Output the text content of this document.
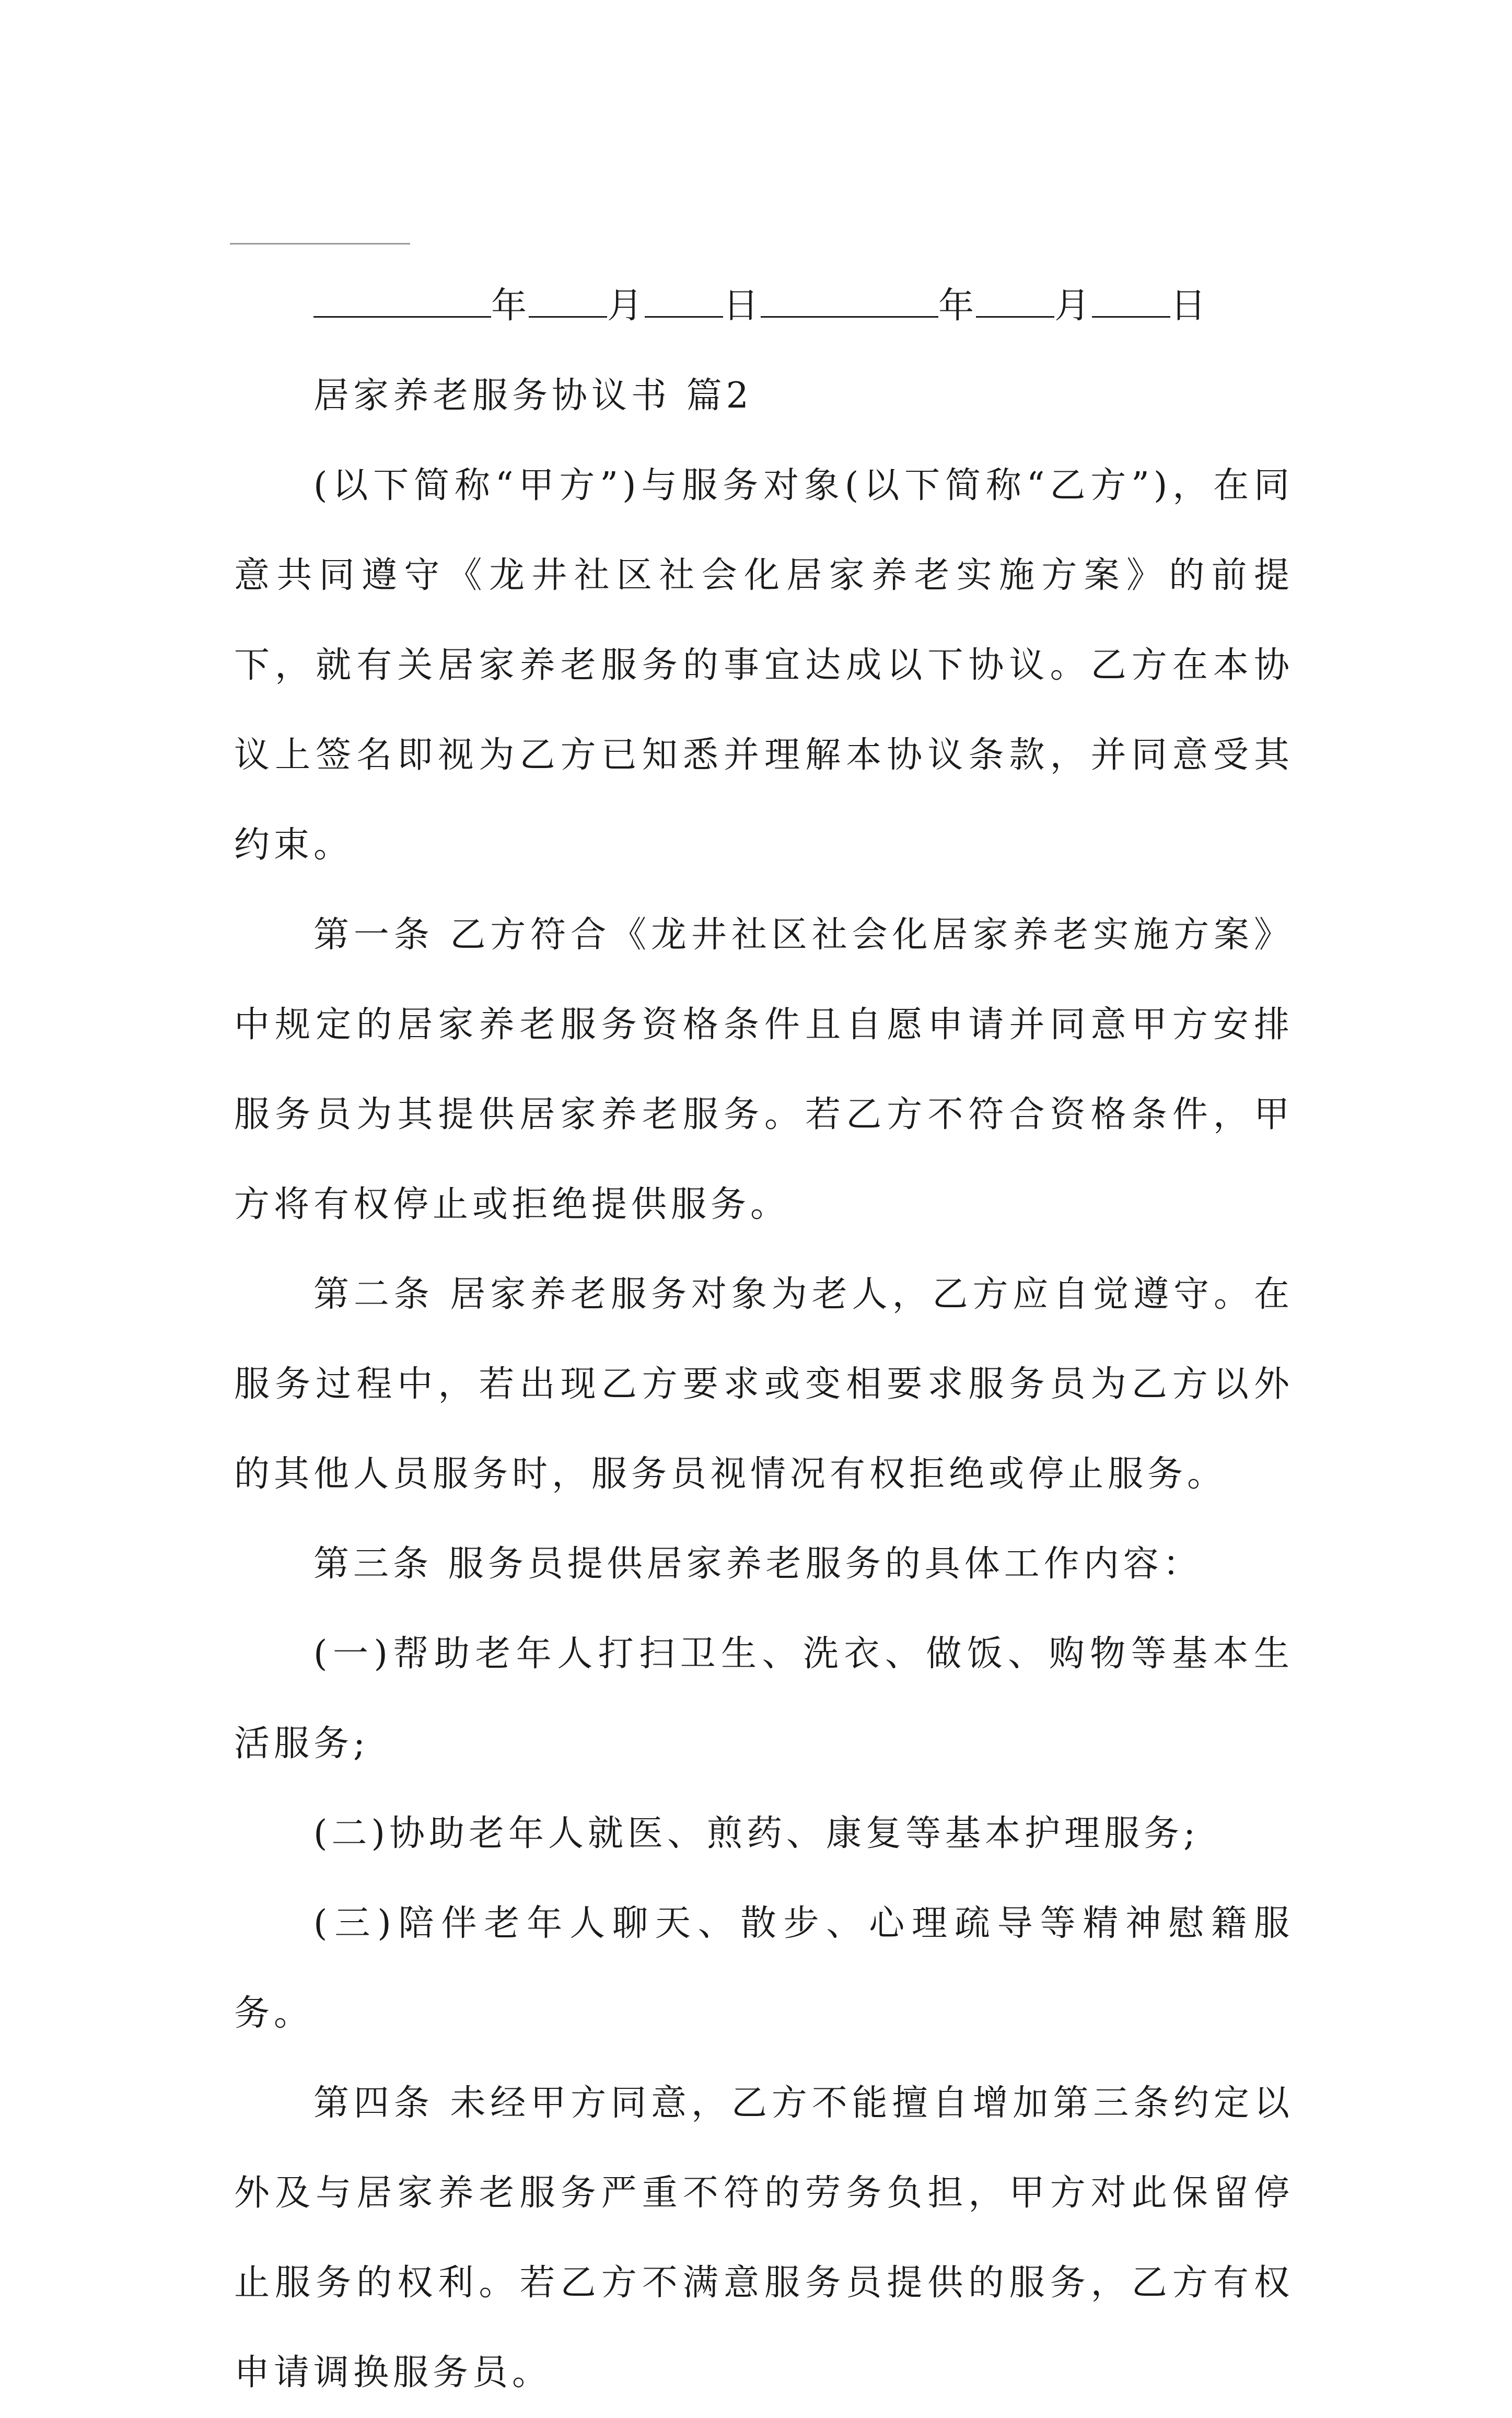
年 月 日	年 月 日

居家养老服务协议书 篇2

(以下简称“甲方”)与服务对象(以下简称“乙方”)，在同意共同遵守《龙井社区社会化居家养老实施方案》的前提下，就有关居家养老服务的事宜达成以下协议。乙方在本协议上签名即视为乙方已知悉并理解本协议条款，并同意受其约束。

第一条 乙方符合《龙井社区社会化居家养老实施方案》中规定的居家养老服务资格条件且自愿申请并同意甲方安排服务员为其提供居家养老服务。若乙方不符合资格条件，甲方将有权停止或拒绝提供服务。

第二条 居家养老服务对象为老人，乙方应自觉遵守。在服务过程中，若出现乙方要求或变相要求服务员为乙方以外的其他人员服务时，服务员视情况有权拒绝或停止服务。

第三条 服务员提供居家养老服务的具体工作内容：

(一)帮助老年人打扫卫生、洗衣、做饭、购物等基本生活服务;

(二)协助老年人就医、煎药、康复等基本护理服务;

(三)陪伴老年人聊天、散步、心理疏导等精神慰籍服务。

第四条 未经甲方同意，乙方不能擅自增加第三条约定以外及与居家养老服务严重不符的劳务负担，甲方对此保留停止服务的权利。若乙方不满意服务员提供的服务，乙方有权申请调换服务员。
